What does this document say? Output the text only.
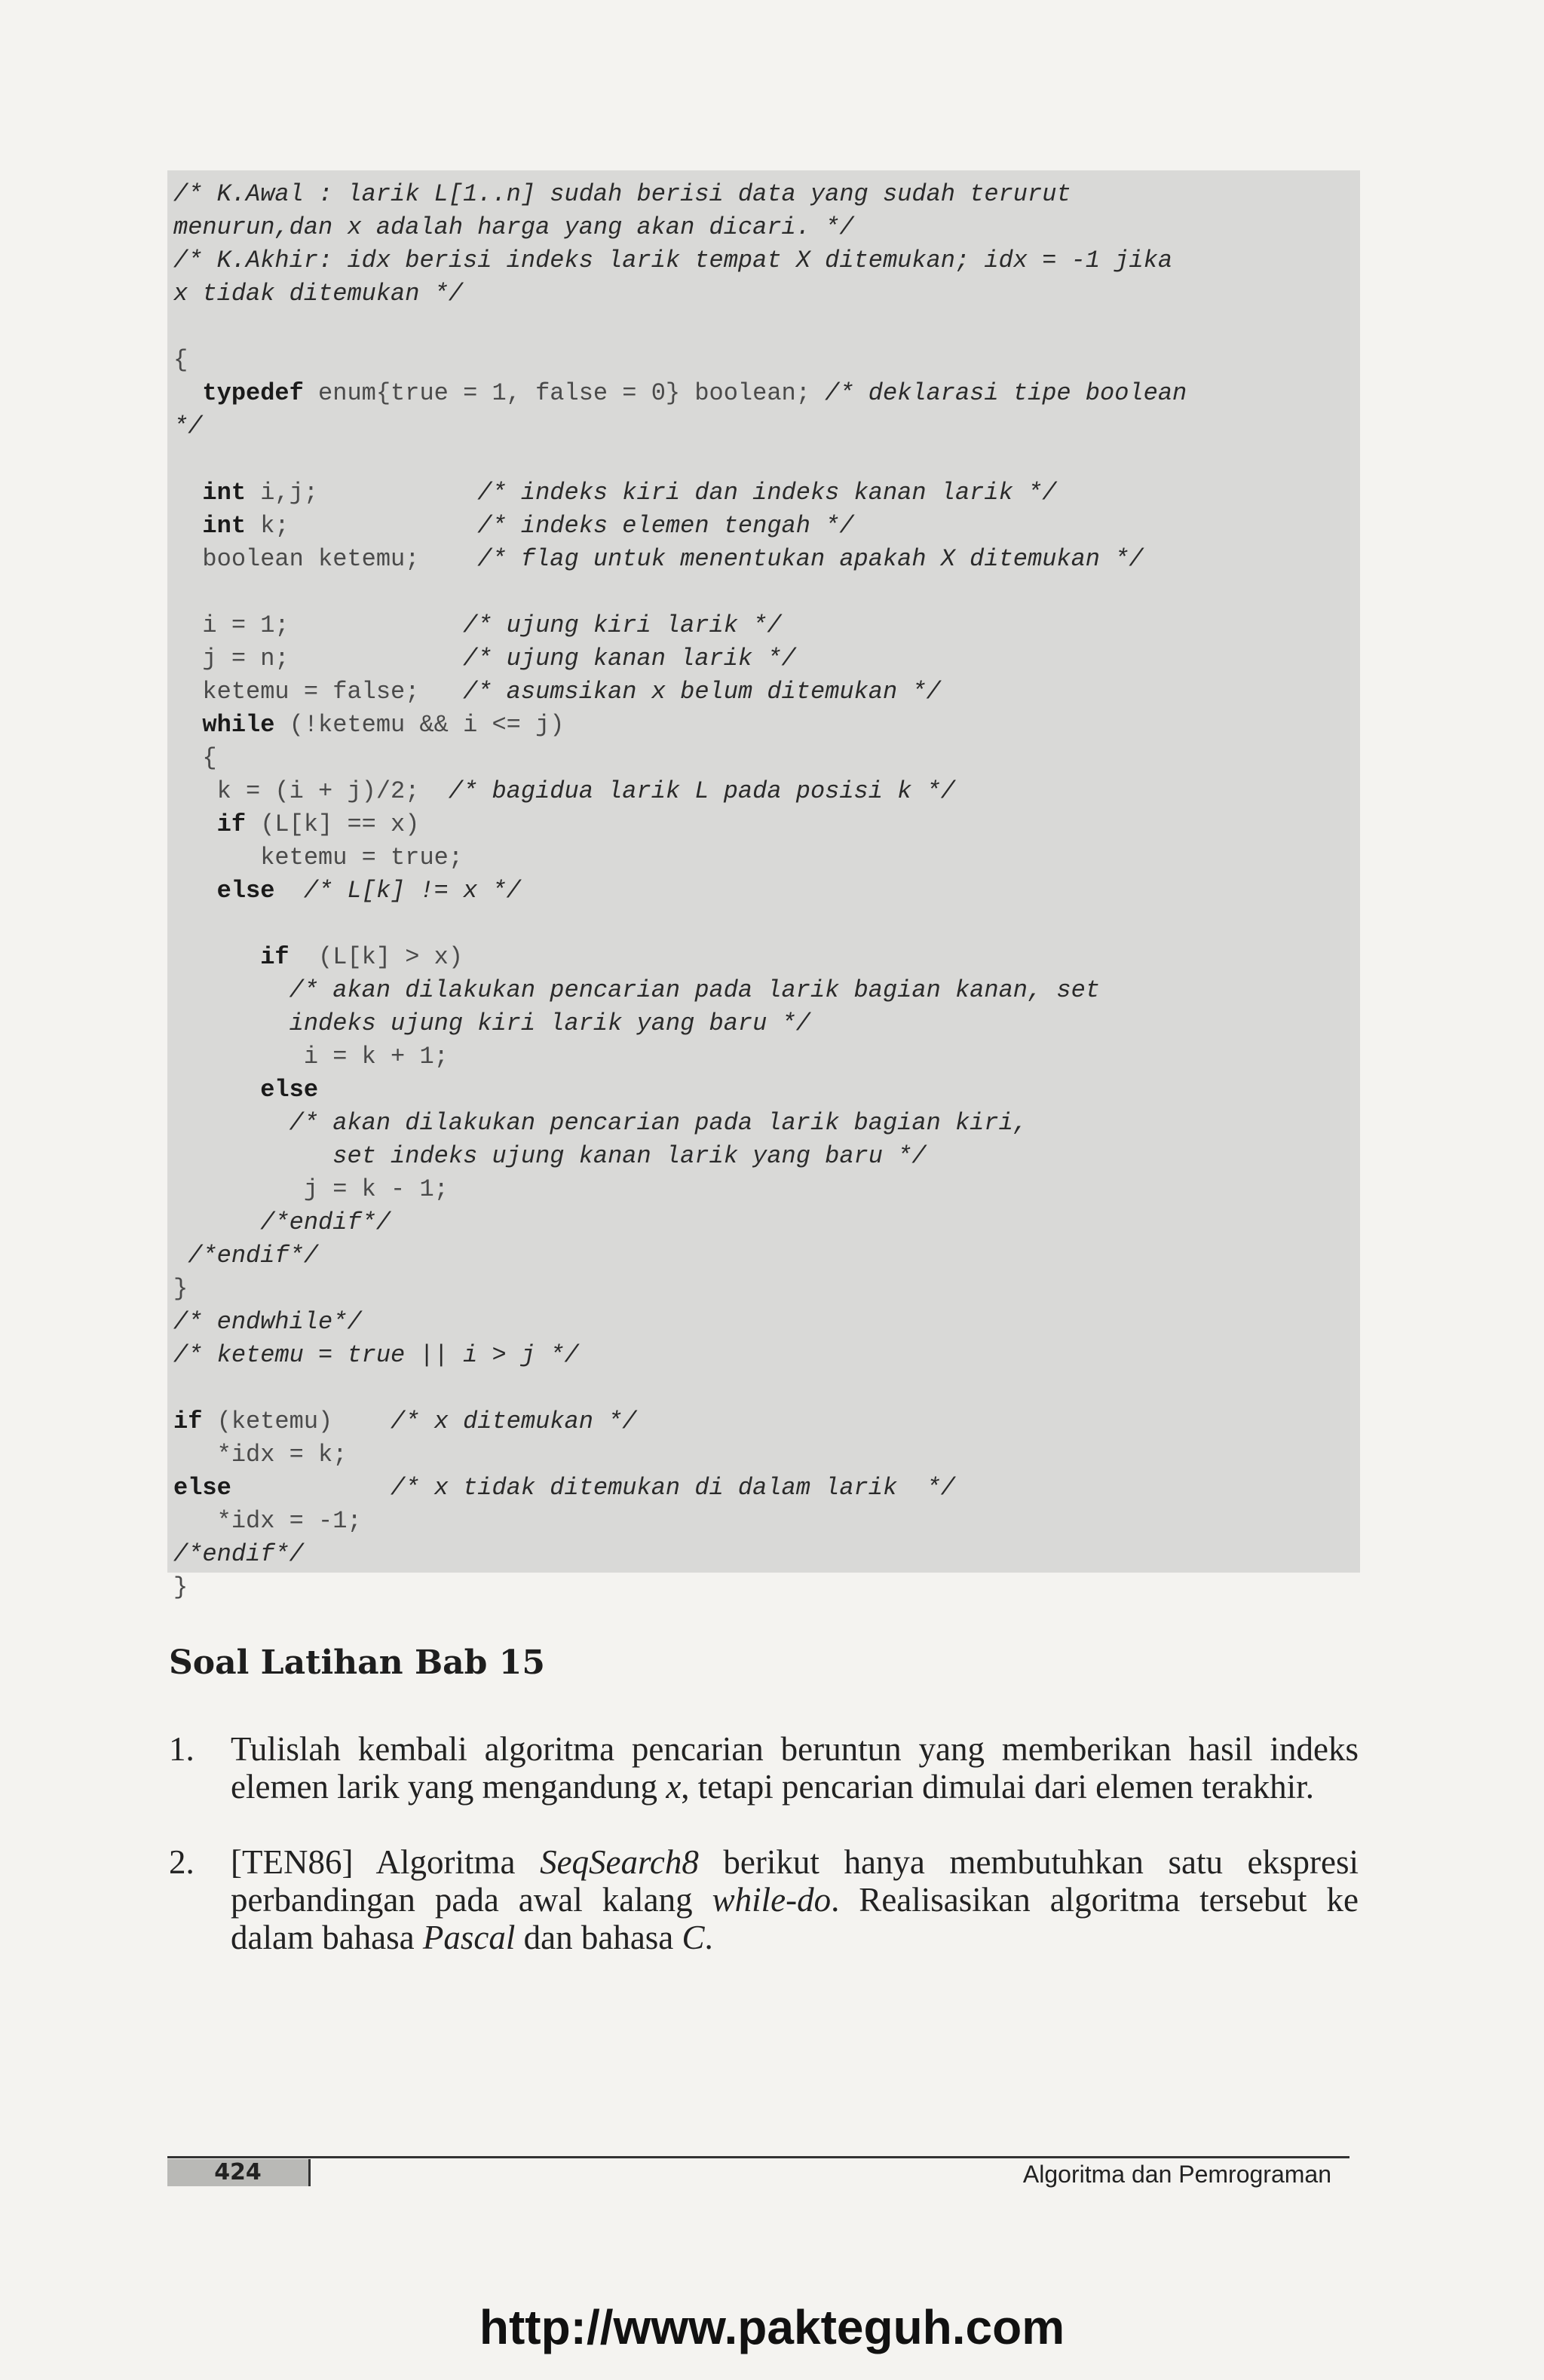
/* K.Awal : larik L[1..n] sudah berisi data yang sudah terurut
menurun,dan x adalah harga yang akan dicari. */
/* K.Akhir: idx berisi indeks larik tempat X ditemukan; idx = -1 jika
x tidak ditemukan */
{
typedef enum{true = 1, false = 0} boolean; /* deklarasi tipe boolean
*/
int i,j;           /* indeks kiri dan indeks kanan larik */
int k;             /* indeks elemen tengah */
boolean ketemu;    /* flag untuk menentukan apakah X ditemukan */
i = 1;            /* ujung kiri larik */
j = n;            /* ujung kanan larik */
ketemu = false;   /* asumsikan x belum ditemukan */
while (!ketemu && i <= j)
{
k = (i + j)/2;  /* bagidua larik L pada posisi k */
if (L[k] == x)
ketemu = true;
else /* L[k] != x */
if  (L[k] > x)
/* akan dilakukan pencarian pada larik bagian kanan, set
indeks ujung kiri larik yang baru */
i = k + 1;
else
/* akan dilakukan pencarian pada larik bagian kiri,
set indeks ujung kanan larik yang baru */
j = k - 1;
/*endif*/
/*endif*/
}
/* endwhile*/
/* ketemu = true || i > j */
if (ketemu)    /* x ditemukan */
*idx = k;
else	/* x tidak ditemukan di dalam larik  */
*idx = -1;
/*endif*/
}
Soal Latihan Bab 15
1. Tulislah kembali algoritma pencarian beruntun yang memberikan hasil indeks elemen larik yang mengandung x, tetapi pencarian dimulai dari elemen terakhir.
2. [TEN86] Algoritma SeqSearch8 berikut hanya membutuhkan satu ekspresi perbandingan pada awal kalang while-do. Realisasikan algoritma tersebut ke dalam bahasa Pascal dan bahasa C.
424	Algoritma dan Pemrograman
http://www.pakteguh.com
